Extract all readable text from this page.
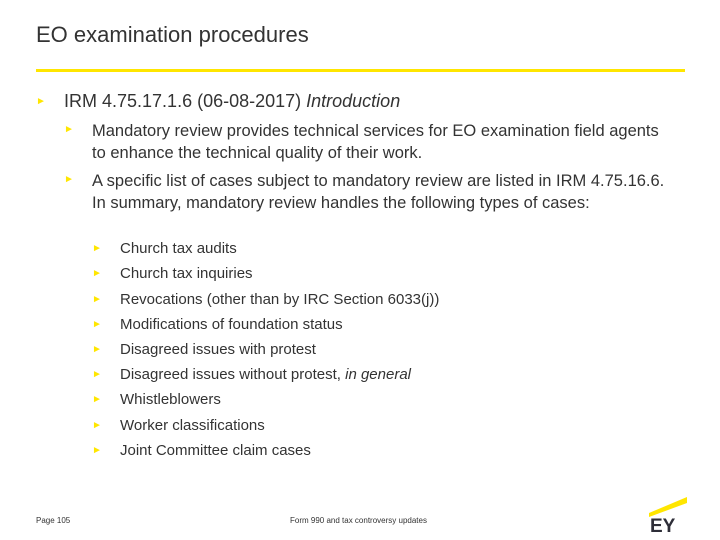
EO examination procedures
► IRM 4.75.17.1.6 (06-08-2017) Introduction
► Mandatory review provides technical services for EO examination field agents to enhance the technical quality of their work.
► A specific list of cases subject to mandatory review are listed in IRM 4.75.16.6. In summary, mandatory review handles the following types of cases:
► Church tax audits
► Church tax inquiries
► Revocations (other than by IRC Section 6033(j))
► Modifications of foundation status
► Disagreed issues with protest
► Disagreed issues without protest, in general
► Whistleblowers
► Worker classifications
► Joint Committee claim cases
Page 105	Form 990 and tax controversy updates	EY
